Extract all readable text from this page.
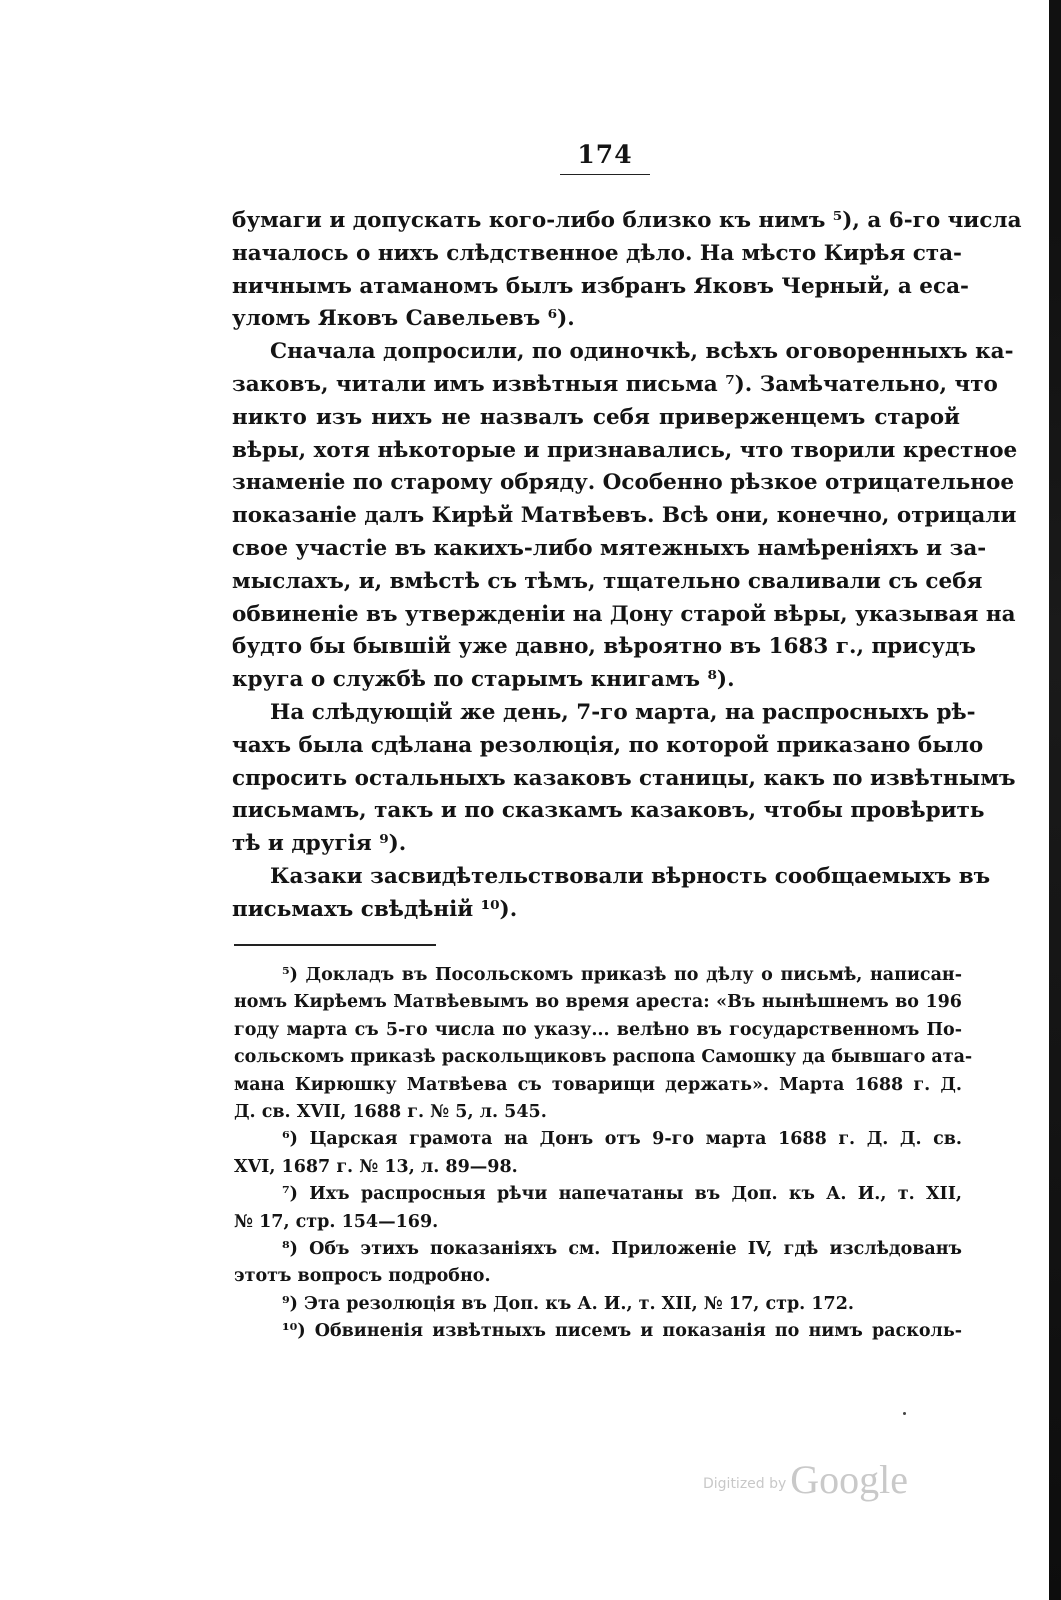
174
бумаги и допускать кого-либо близко къ нимъ ⁵), а 6-го числа
началось о нихъ слѣдственное дѣло. На мѣсто Кирѣя ста-
ничнымъ атаманомъ былъ избранъ Яковъ Черный, а еса-
уломъ Яковъ Савельевъ ⁶).
Сначала допросили, по одиночкѣ, всѣхъ оговоренныхъ ка-
заковъ, читали имъ извѣтныя письма ⁷). Замѣчательно, что
никто изъ нихъ не назвалъ себя приверженцемъ старой
вѣры, хотя нѣкоторые и признавались, что творили крестное
знаменіе по старому обряду. Особенно рѣзкое отрицательное
показаніе далъ Кирѣй Матвѣевъ. Всѣ они, конечно, отрицали
свое участіе въ какихъ-либо мятежныхъ намѣреніяхъ и за-
мыслахъ, и, вмѣстѣ съ тѣмъ, тщательно сваливали съ себя
обвиненіе въ утвержденіи на Дону старой вѣры, указывая на
будто бы бывшій уже давно, вѣроятно въ 1683 г., присудъ
круга о службѣ по старымъ книгамъ ⁸).
На слѣдующій же день, 7-го марта, на распросныхъ рѣ-
чахъ была сдѣлана резолюція, по которой приказано было
спросить остальныхъ казаковъ станицы, какъ по извѣтнымъ
письмамъ, такъ и по сказкамъ казаковъ, чтобы провѣрить
тѣ и другія ⁹).
Казаки засвидѣтельствовали вѣрность сообщаемыхъ въ
письмахъ свѣдѣній ¹⁰).
⁵) Докладъ въ Посольскомъ приказѣ по дѣлу о письмѣ, написан-
номъ Кирѣемъ Матвѣевымъ во время ареста: «Въ нынѣшнемъ во 196
году марта съ 5-го числа по указу... велѣно въ государственномъ По-
сольскомъ приказѣ раскольщиковъ распопа Самошку да бывшаго ата-
мана Кирюшку Матвѣева съ товарищи держать». Марта 1688 г. Д.
Д. св. XVII, 1688 г. № 5, л. 545.
⁶) Царская грамота на Донъ отъ 9-го марта 1688 г. Д. Д. св.
XVI, 1687 г. № 13, л. 89—98.
⁷) Ихъ распросныя рѣчи напечатаны въ Доп. къ А. И., т. XII,
№ 17, стр. 154—169.
⁸) Объ этихъ показаніяхъ см. Приложеніе IV, гдѣ изслѣдованъ
этотъ вопросъ подробно.
⁹) Эта резолюція въ Доп. къ А. И., т. XII, № 17, стр. 172.
¹⁰) Обвиненія извѣтныхъ писемъ и показанія по нимъ расколь-
Digitized by Google
